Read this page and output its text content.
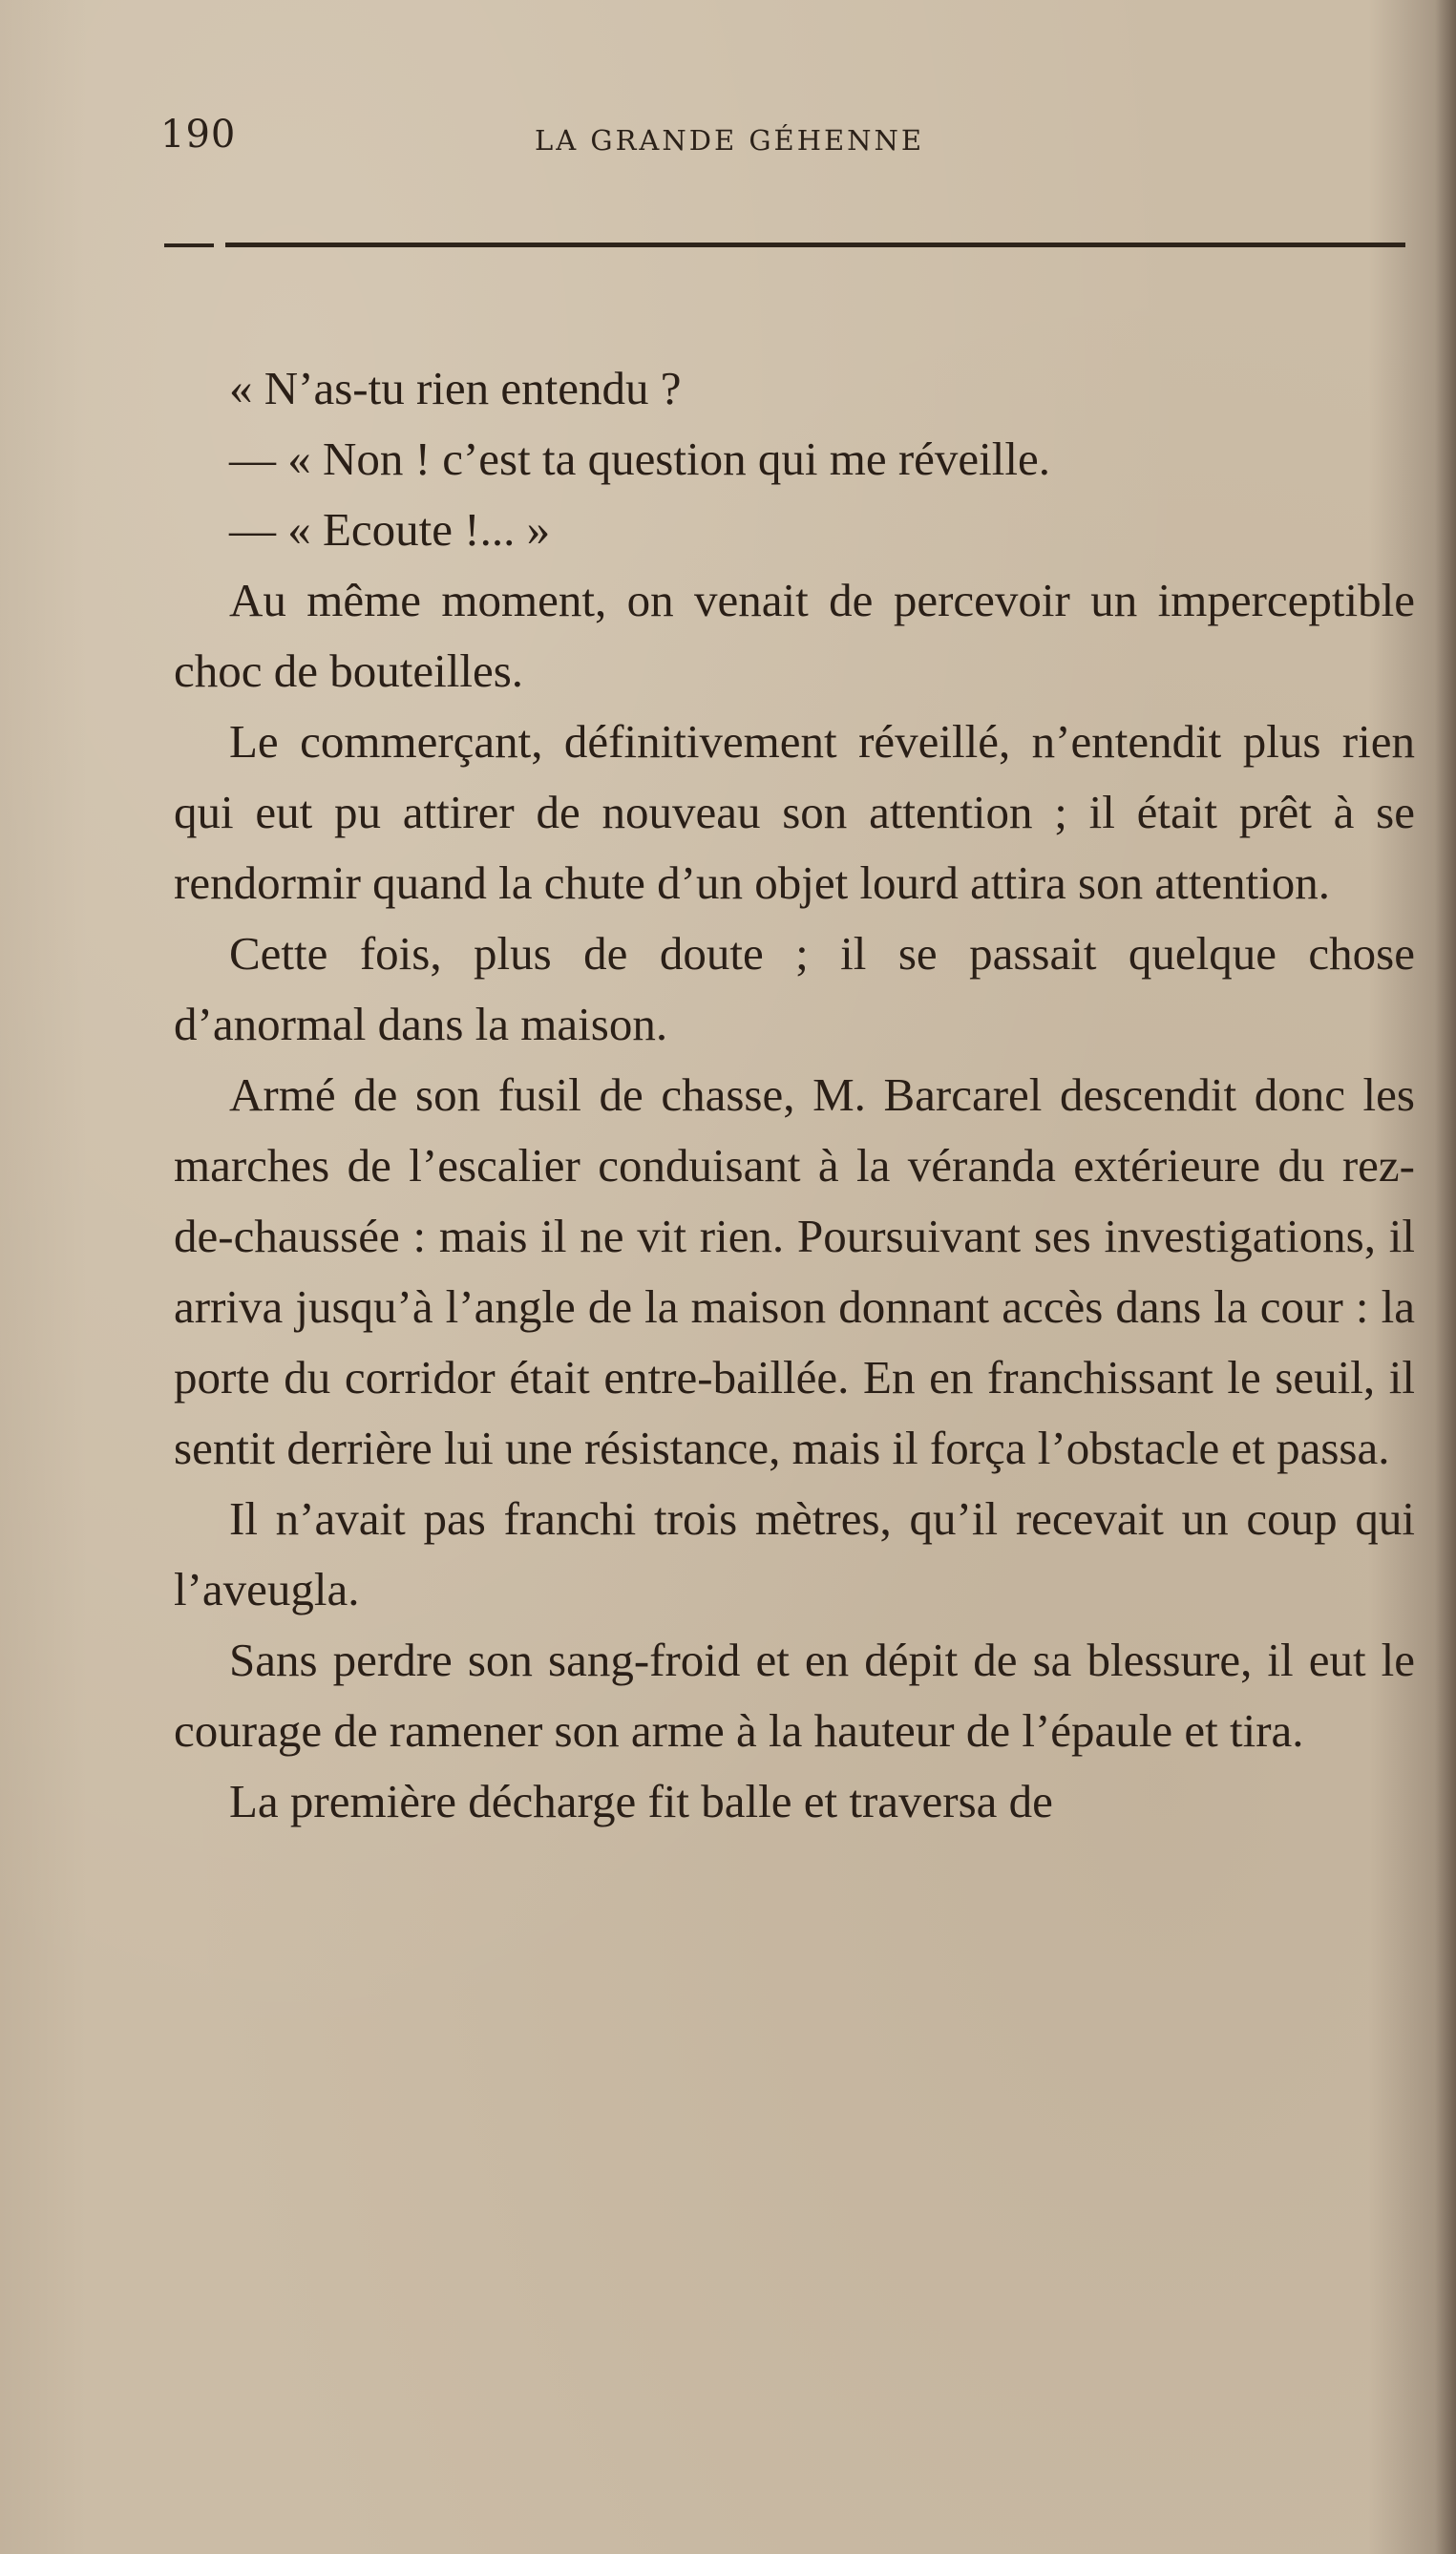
190	LA GRANDE GÉHENNE

« N’as-tu rien entendu ?

— « Non ! c’est ta question qui me réveille.

— « Ecoute !... »

Au même moment, on venait de percevoir un imperceptible choc de bouteilles.

Le commerçant, définitivement réveillé, n’entendit plus rien qui eut pu attirer de nouveau son attention ; il était prêt à se rendormir quand la chute d’un objet lourd attira son attention.

Cette fois, plus de doute ; il se passait quelque chose d’anormal dans la maison.

Armé de son fusil de chasse, M. Barcarel descendit donc les marches de l’escalier conduisant à la véranda extérieure du rez-de-chaussée : mais il ne vit rien. Poursuivant ses investigations, il arriva jusqu’à l’angle de la maison donnant accès dans la cour : la porte du corridor était entre-baillée. En en franchissant le seuil, il sentit derrière lui une résistance, mais il força l’obstacle et passa.

Il n’avait pas franchi trois mètres, qu’il recevait un coup qui l’aveugla.

Sans perdre son sang-froid et en dépit de sa blessure, il eut le courage de ramener son arme à la hauteur de l’épaule et tira.

La première décharge fit balle et traversa de
